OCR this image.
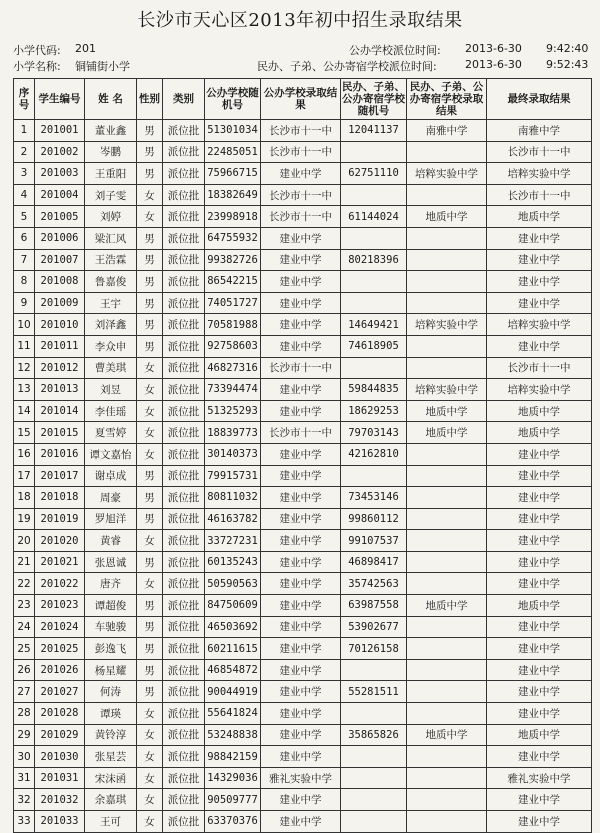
长沙市天心区2013年初中招生录取结果
小学代码: 201
小学名称: 铜铺街小学
公办学校派位时间: 2013-6-30 9:42:40
民办、子弟、公办寄宿学校派位时间:	2013-6-30 9:52:43
序号	学生编号	姓 名	性别	类别	公办学校随机号	公办学校录取结果	民办、子弟、公办寄宿学校随机号	民办、子弟、公办寄宿学校录取结果	最终录取结果
1	201001	董业鑫	男	派位批	51301034	长沙市十一中	12041137	南雅中学	南雅中学
2	201002	岑鹏	男	派位批	22485051	长沙市十一中			长沙市十一中
3	201003	王重阳	男	派位批	75966715	建业中学	62751110	培粹实验中学	培粹实验中学
4	201004	刘子雯	女	派位批	18382649	长沙市十一中			长沙市十一中
5	201005	刘婷	女	派位批	23998918	长沙市十一中	61144024	地质中学	地质中学
6	201006	梁汇风	男	派位批	64755932	建业中学			建业中学
7	201007	王浩霖	男	派位批	99382726	建业中学	80218396		建业中学
8	201008	鲁嘉俊	男	派位批	86542215	建业中学			建业中学
9	201009	王宇	男	派位批	74051727	建业中学			建业中学
10	201010	刘泽鑫	男	派位批	70581988	建业中学	14649421	培粹实验中学	培粹实验中学
11	201011	李众申	男	派位批	92758603	建业中学	74618905		建业中学
12	201012	曹美琪	女	派位批	46827316	长沙市十一中			长沙市十一中
13	201013	刘昱	女	派位批	73394474	建业中学	59844835	培粹实验中学	培粹实验中学
14	201014	李佳瑶	女	派位批	51325293	建业中学	18629253	地质中学	地质中学
15	201015	夏雪婷	女	派位批	18839773	长沙市十一中	79703143	地质中学	地质中学
16	201016	谭文嘉怡	女	派位批	30140373	建业中学	42162810		建业中学
17	201017	谢卓成	男	派位批	79915731	建业中学			建业中学
18	201018	周豪	男	派位批	80811032	建业中学	73453146		建业中学
19	201019	罗旭洋	男	派位批	46163782	建业中学	99860112		建业中学
20	201020	黄睿	女	派位批	33727231	建业中学	99107537		建业中学
21	201021	张恩诚	男	派位批	60135243	建业中学	46898417		建业中学
22	201022	唐齐	女	派位批	50590563	建业中学	35742563		建业中学
23	201023	谭超俊	男	派位批	84750609	建业中学	63987558	地质中学	地质中学
24	201024	车驰骏	男	派位批	46503692	建业中学	53902677		建业中学
25	201025	彭逸飞	男	派位批	60211615	建业中学	70126158		建业中学
26	201026	杨星耀	男	派位批	46854872	建业中学			建业中学
27	201027	何涛	男	派位批	90044919	建业中学	55281511		建业中学
28	201028	谭瑛	女	派位批	55641824	建业中学			建业中学
29	201029	黄铃淳	女	派位批	53248838	建业中学	35865826	地质中学	地质中学
30	201030	张星芸	女	派位批	98842159	建业中学			建业中学
31	201031	宋沫函	女	派位批	14329036	雅礼实验中学			雅礼实验中学
32	201032	余嘉琪	女	派位批	90509777	建业中学			建业中学
33	201033	王可	女	派位批	63370376	建业中学			建业中学
